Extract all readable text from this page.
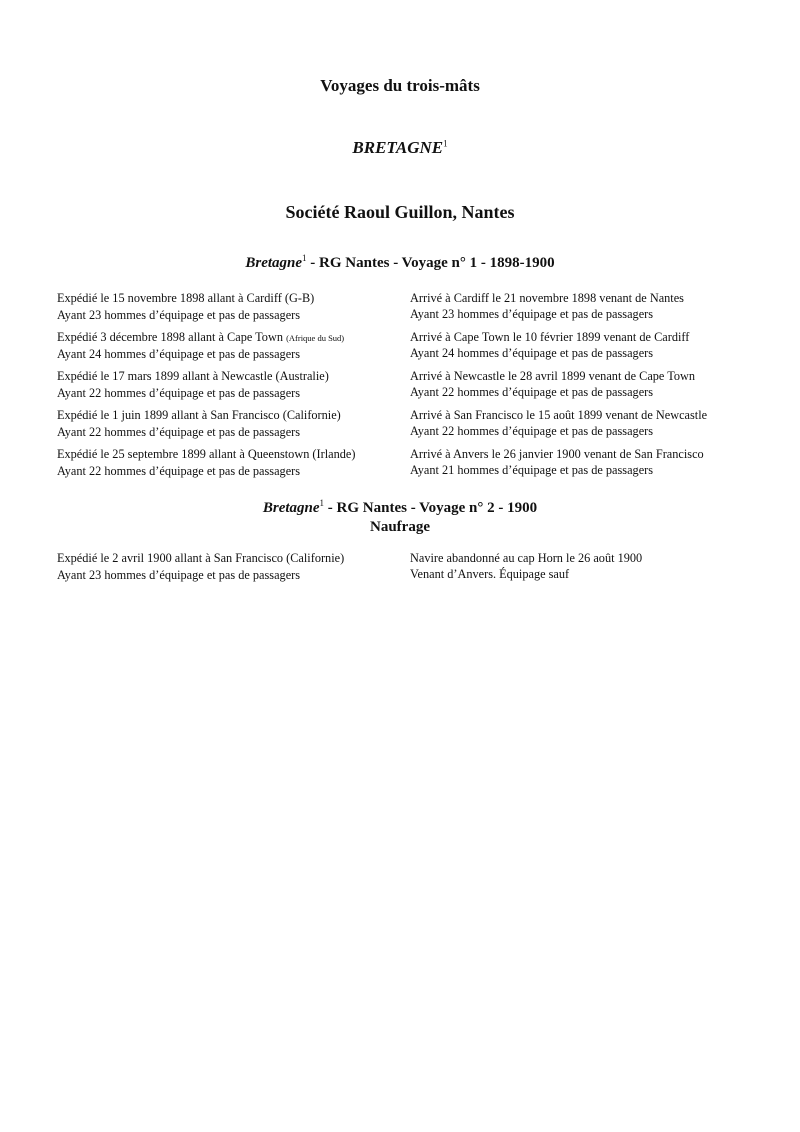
Voyages du trois-mâts
BRETAGNE$^1$
Société Raoul Guillon, Nantes
Bretagne$^1$ - RG Nantes - Voyage n° 1 - 1898-1900
Expédié le 15 novembre 1898 allant à Cardiff (G-B)
Ayant 23 hommes d’équipage et pas de passagers
Arrivé à Cardiff le 21 novembre 1898 venant de Nantes
Ayant 23 hommes d’équipage et pas de passagers
Expédié 3 décembre 1898 allant à Cape Town (Afrique du Sud)
Ayant 24 hommes d’équipage et pas de passagers
Arrivé à Cape Town le 10 février 1899 venant de Cardiff
Ayant 24 hommes d’équipage et pas de passagers
Expédié le 17 mars 1899 allant à Newcastle (Australie)
Ayant 22 hommes d’équipage et pas de passagers
Arrivé à Newcastle le 28 avril 1899 venant de Cape Town
Ayant 22 hommes d’équipage et pas de passagers
Expédié le 1 juin 1899 allant à San Francisco (Californie)
Ayant 22 hommes d’équipage et pas de passagers
Arrivé à San Francisco le 15 août 1899 venant de Newcastle
Ayant 22 hommes d’équipage et pas de passagers
Expédié le 25 septembre 1899 allant à Queenstown (Irlande)
Ayant 22 hommes d’équipage et pas de passagers
Arrivé à Anvers le 26 janvier 1900 venant de San Francisco
Ayant 21 hommes d’équipage et pas de passagers
Bretagne$^1$ - RG Nantes - Voyage n° 2 - 1900
Naufrage
Expédié le 2 avril 1900 allant à San Francisco (Californie)
Ayant 23 hommes d’équipage et pas de passagers
Navire abandonné au cap Horn le 26 août 1900
Venant d’Anvers. Équipage sauf
